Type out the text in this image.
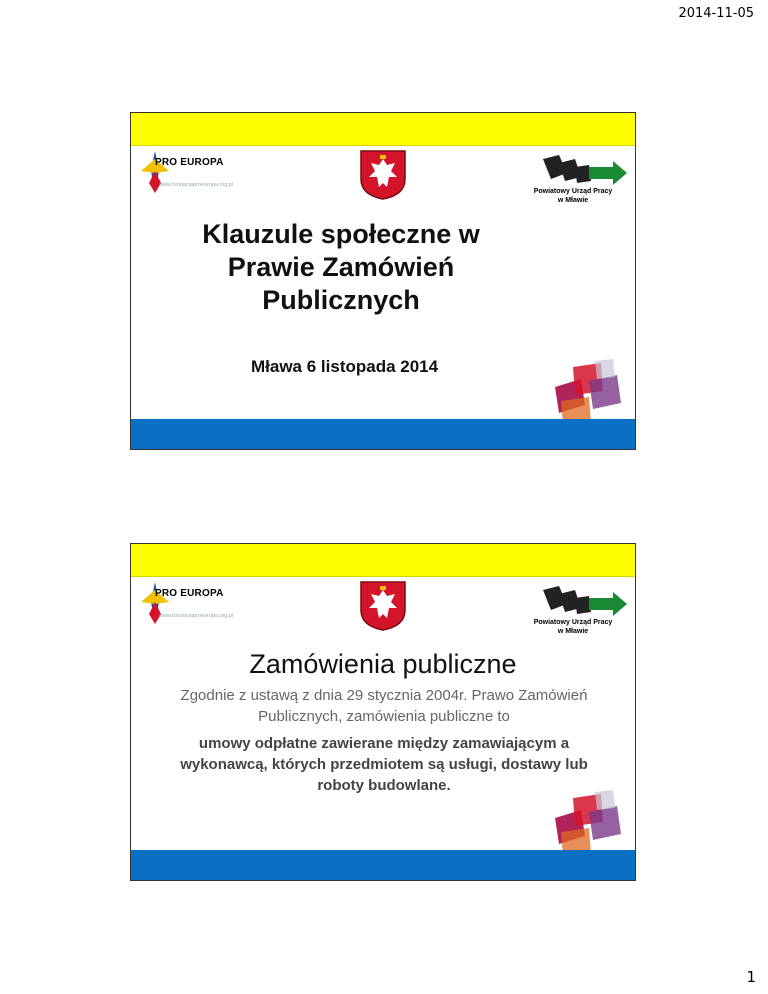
2014-11-05
PRO EUROPA
www.fundacjaproeuropa.org.pl
Powiatowy Urząd Pracy
w Mławie
Klauzule społeczne w Prawie Zamówień Publicznych
Mława 6 listopada 2014
PRO EUROPA
www.fundacjaproeuropa.org.pl
Powiatowy Urząd Pracy
w Mławie
Zamówienia publiczne
Zgodnie z ustawą z dnia 29 stycznia 2004r. Prawo Zamówień Publicznych, zamówienia publiczne to
umowy odpłatne zawierane między zamawiającym a wykonawcą, których przedmiotem są usługi, dostawy lub roboty budowlane.
1
